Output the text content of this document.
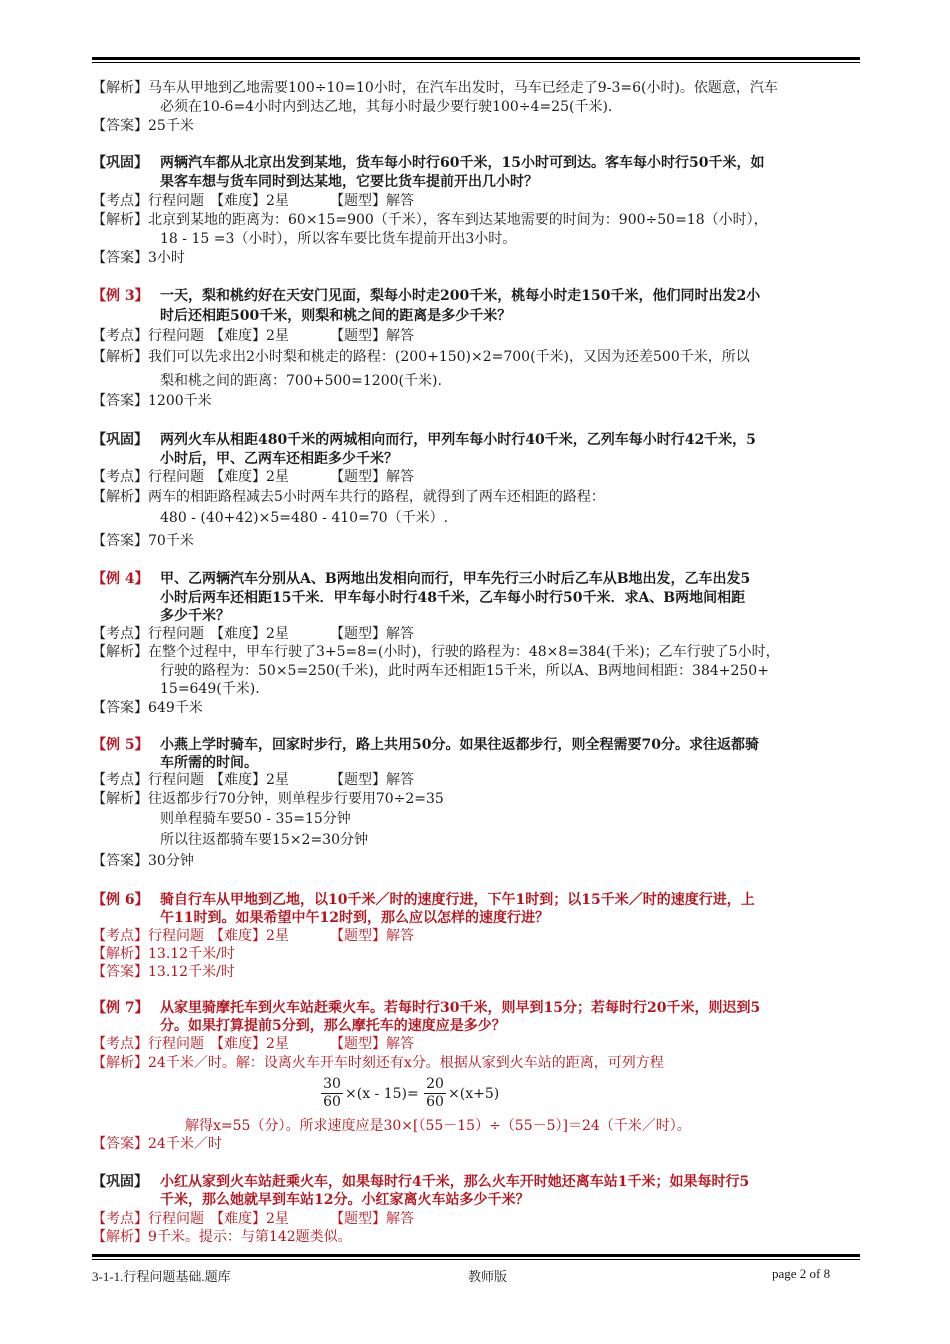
【解析】马车从甲地到乙地需要100÷10=10小时，在汽车出发时，马车已经走了9-3=6(小时)。依题意，汽车
必须在10-6=4小时内到达乙地，其每小时最少要行驶100÷4=25(千米).
【答案】25千米
【巩固】 两辆汽车都从北京出发到某地，货车每小时行60千米，15小时可到达。客车每小时行50千米，如
果客车想与货车同时到达某地，它要比货车提前开出几小时？
【考点】行程问题 【难度】2星	【题型】解答
【解析】北京到某地的距离为：60×15=900（千米），客车到达某地需要的时间为：900÷50=18（小时），
18 - 15 =3（小时），所以客车要比货车提前开出3小时。
【答案】3小时
【例 3】 一天，梨和桃约好在天安门见面，梨每小时走200千米，桃每小时走150千米，他们同时出发2小
时后还相距500千米，则梨和桃之间的距离是多少千米？
【考点】行程问题 【难度】2星	【题型】解答
【解析】我们可以先求出2小时梨和桃走的路程：(200+150)×2=700(千米)，又因为还差500千米，所以
梨和桃之间的距离：700+500=1200(千米).
【答案】1200千米
【巩固】 两列火车从相距480千米的两城相向而行，甲列车每小时行40千米，乙列车每小时行42千米，5
小时后，甲、乙两车还相距多少千米？
【考点】行程问题 【难度】2星	【题型】解答
【解析】两车的相距路程减去5小时两车共行的路程，就得到了两车还相距的路程：
480 - (40+42)×5=480 - 410=70（千米）.
【答案】70千米
【例 4】 甲、乙两辆汽车分别从A、B两地出发相向而行，甲车先行三小时后乙车从B地出发，乙车出发5
小时后两车还相距15千米．甲车每小时行48千米，乙车每小时行50千米．求A、B两地间相距
多少千米？
【考点】行程问题 【难度】2星	【题型】解答
【解析】在整个过程中，甲车行驶了3+5=8=(小时)，行驶的路程为：48×8=384(千米)；乙车行驶了5小时，
行驶的路程为：50×5=250(千米)，此时两车还相距15千米，所以A、B两地间相距：384+250+
15=649(千米).
【答案】649千米
【例 5】 小燕上学时骑车，回家时步行，路上共用50分。如果往返都步行，则全程需要70分。求往返都骑
车所需的时间。
【考点】行程问题 【难度】2星	【题型】解答
【解析】往返都步行70分钟，则单程步行要用70÷2=35
则单程骑车要50 - 35=15分钟
所以往返都骑车要15×2=30分钟
【答案】30分钟
【例 6】 骑自行车从甲地到乙地，以10千米／时的速度行进，下午1时到；以15千米／时的速度行进，上
午11时到。如果希望中午12时到，那么应以怎样的速度行进？
【考点】行程问题 【难度】2星	【题型】解答
【解析】13.12千米/时
【答案】13.12千米/时
【例 7】 从家里骑摩托车到火车站赶乘火车。若每时行30千米，则早到15分；若每时行20千米，则迟到5
分。如果打算提前5分到，那么摩托车的速度应是多少？
【考点】行程问题 【难度】2星	【题型】解答
【解析】24千米／时。解：设离火车开车时刻还有x分。根据从家到火车站的距离，可列方程
30
60 ×(x - 15)=
20
60 ×(x+5)
解得x=55（分）。所求速度应是30×[（55－15）÷（55－5）]＝24（千米／时）。
【答案】24千米／时
【巩固】 小红从家到火车站赶乘火车，如果每时行4千米，那么火车开时她还离车站1千米；如果每时行5
千米，那么她就早到车站12分。小红家离火车站多少千米？
【考点】行程问题 【难度】2星	【题型】解答
【解析】9千米。提示：与第142题类似。
3-1-1.行程问题基础.题库	教师版	page 2 of 8
